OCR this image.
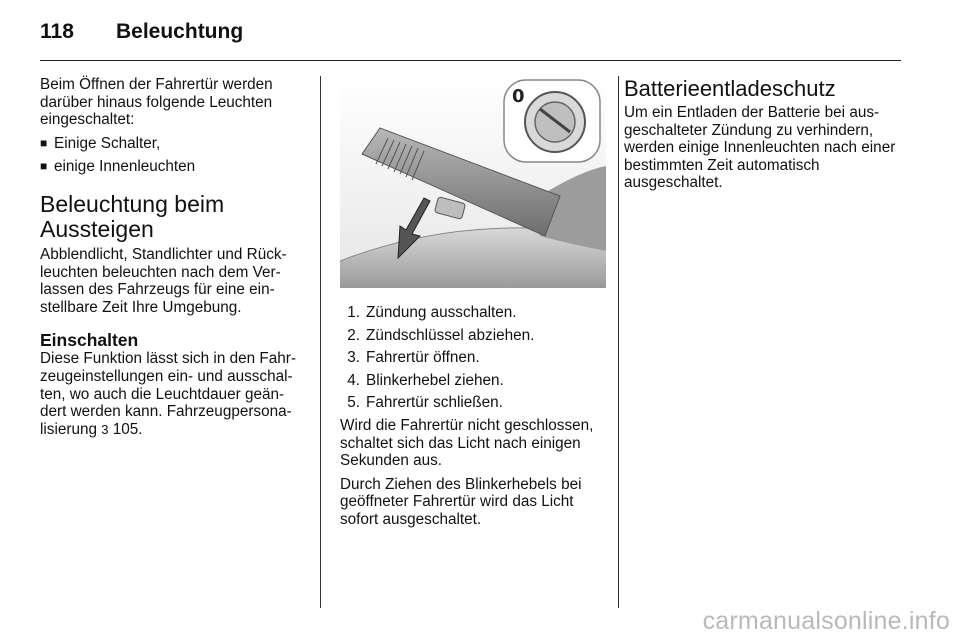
118 Beleuchtung

Beim Öffnen der Fahrertür werden darüber hinaus folgende Leuchten eingeschaltet:

■ Einige Schalter,
■ einige Innenleuchten
Beleuchtung beim Aussteigen

Abblendlicht, Standlichter und Rück‐leuchten beleuchten nach dem Ver‐lassen des Fahrzeugs für eine ein‐stellbare Zeit Ihre Umgebung.

Einschalten

Diese Funktion lässt sich in den Fahr‐zeugeinstellungen ein- und ausschal‐ten, wo auch die Leuchtdauer geän‐dert werden kann. Fahrzeugpersona‐lisierung 3 105.

0
1. Zündung ausschalten.
2. Zündschlüssel abziehen.
3. Fahrertür öffnen.
4. Blinkerhebel ziehen.
5. Fahrertür schließen.

Wird die Fahrertür nicht geschlossen, schaltet sich das Licht nach einigen Sekunden aus.

Durch Ziehen des Blinkerhebels bei geöffneter Fahrertür wird das Licht sofort ausgeschaltet.

Batterieentladeschutz

Um ein Entladen der Batterie bei aus‐geschalteter Zündung zu verhindern, werden einige Innenleuchten nach einer bestimmten Zeit automatisch ausgeschaltet.

carmanualsonline.info
